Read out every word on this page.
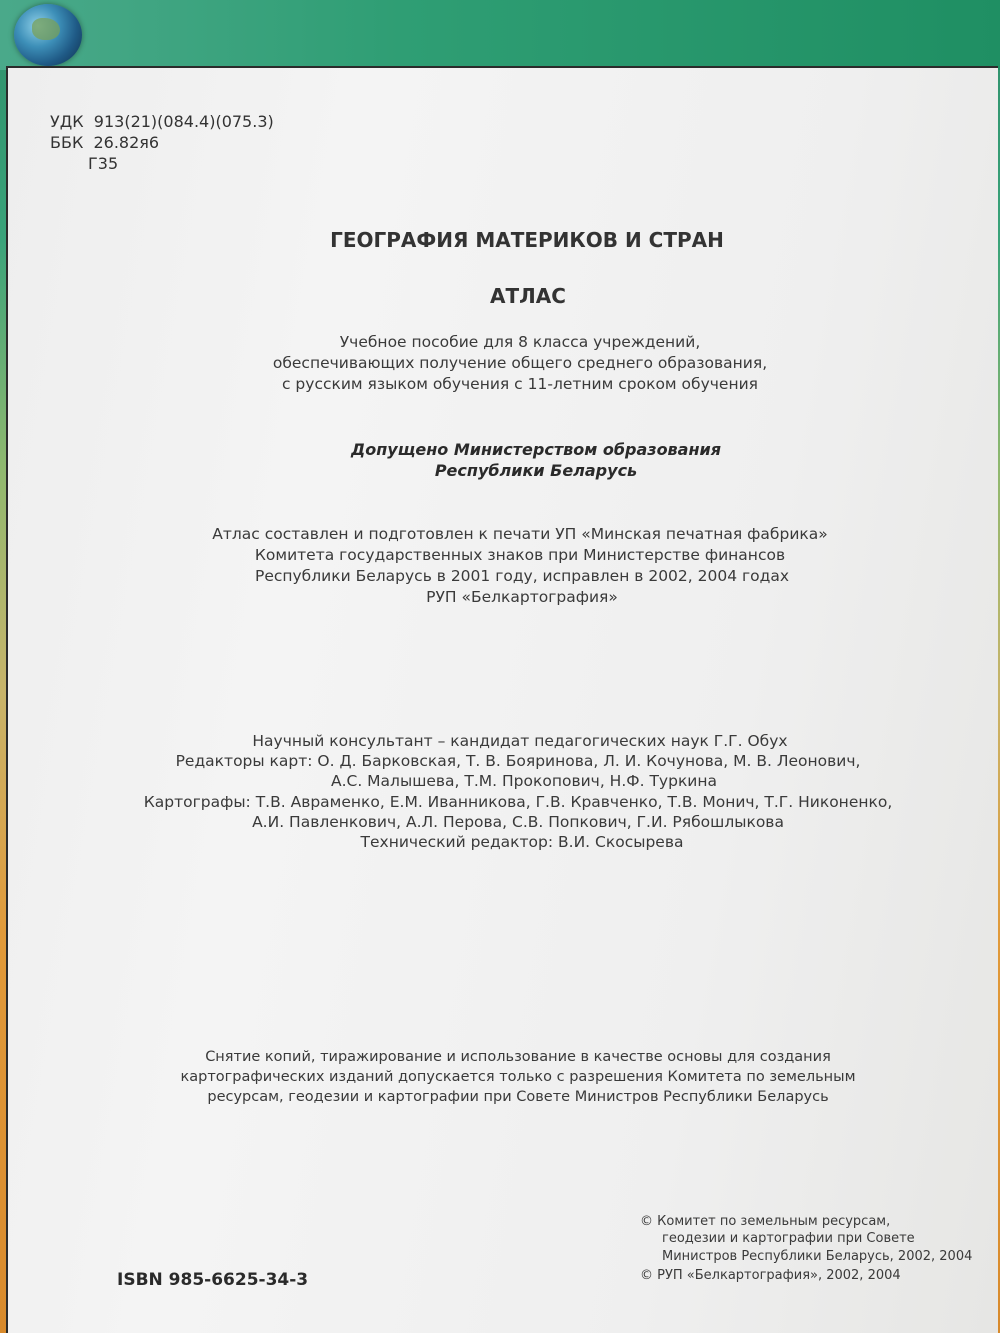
УДК  913(21)(084.4)(075.3)
ББК  26.82я6
Г35
ГЕОГРАФИЯ МАТЕРИКОВ И СТРАН
АТЛАС
Учебное пособие для 8 класса учреждений,
обеспечивающих получение общего среднего образования,
с русским языком обучения с 11-летним сроком обучения
Допущено Министерством образования
Республики Беларусь
Атлас составлен и подготовлен к печати УП «Минская печатная фабрика»
Комитета государственных знаков при Министерстве финансов
Республики Беларусь в 2001 году, исправлен в 2002, 2004 годах
РУП «Белкартография»
Научный консультант – кандидат педагогических наук Г.Г. Обух
Редакторы карт: О. Д. Барковская, Т. В. Бояринова, Л. И. Кочунова, М. В. Леонович,
А.С. Малышева, Т.М. Прокопович, Н.Ф. Туркина
Картографы: Т.В. Авраменко, Е.М. Иванникова, Г.В. Кравченко, Т.В. Монич, Т.Г. Никоненко,
А.И. Павленкович, А.Л. Перова, С.В. Попкович, Г.И. Рябошлыкова
Технический редактор: В.И. Скосырева
Снятие копий, тиражирование и использование в качестве основы для создания
картографических изданий допускается только с разрешения Комитета по земельным
ресурсам, геодезии и картографии при Совете Министров Республики Беларусь
ISBN 985-6625-34-3
© Комитет по земельным ресурсам,
геодезии и картографии при Совете
Министров Республики Беларусь, 2002, 2004
© РУП «Белкартография», 2002, 2004
